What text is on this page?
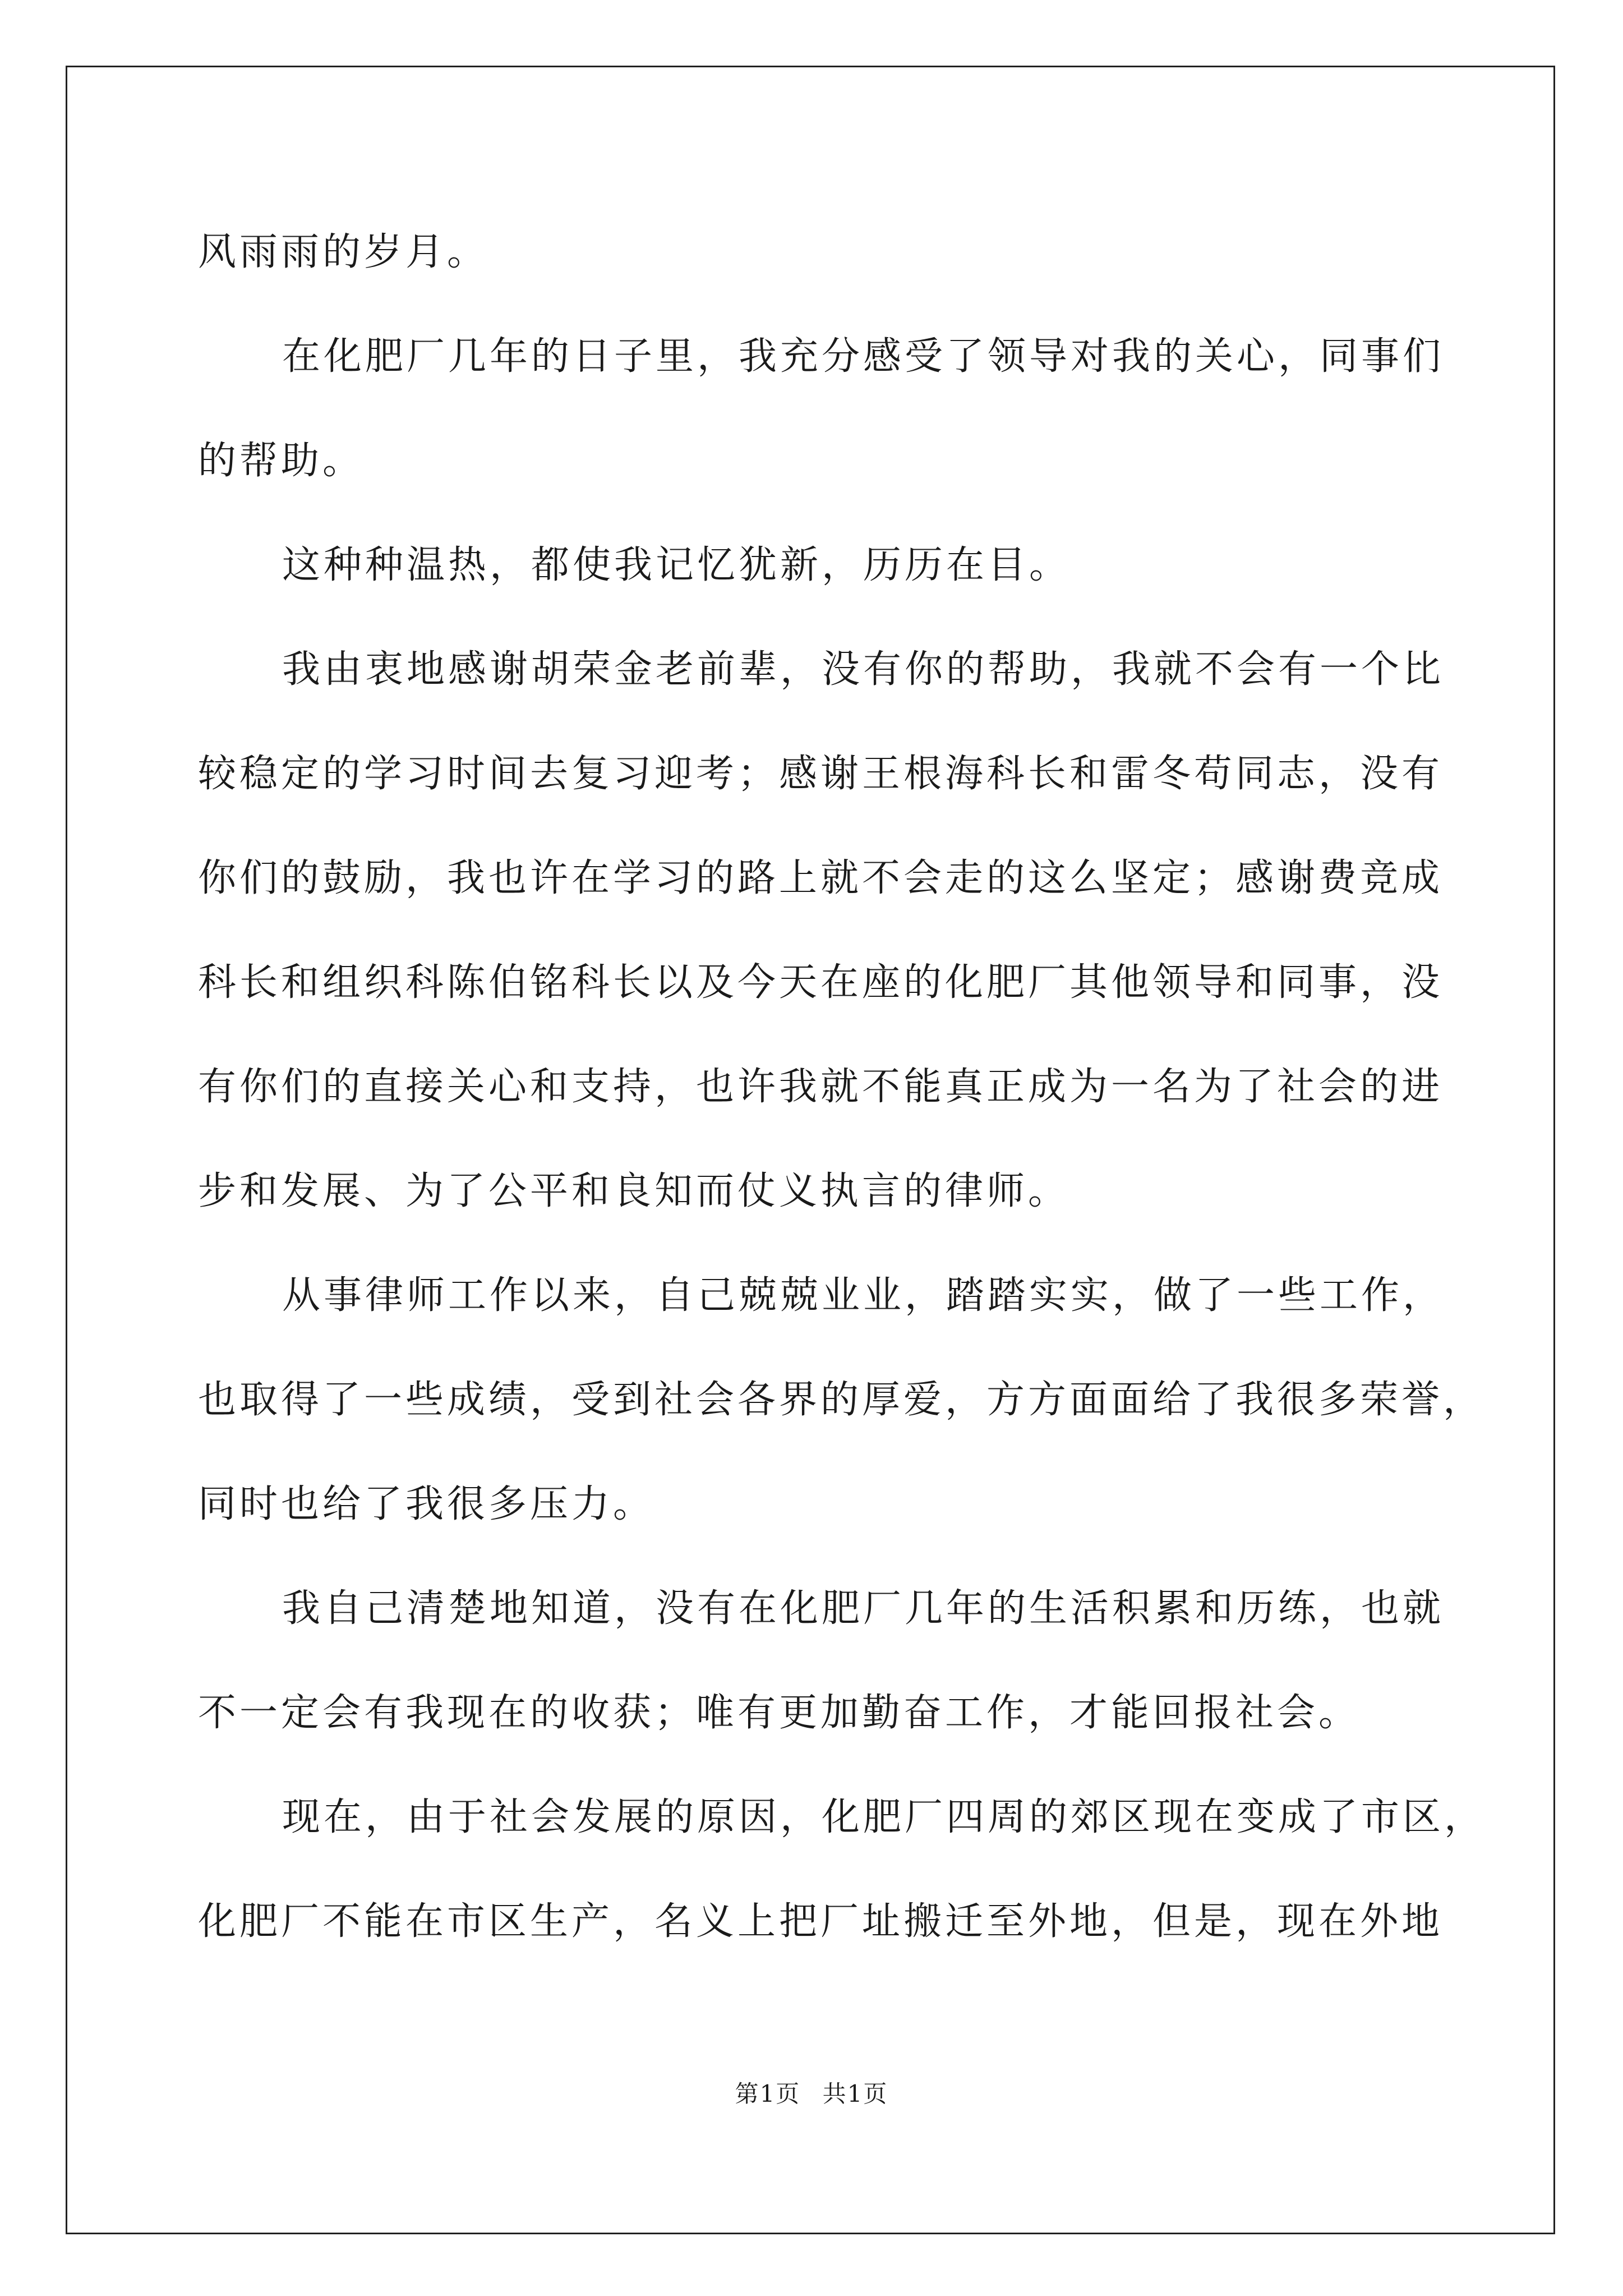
风雨雨的岁月。
在化肥厂几年的日子里，我充分感受了领导对我的关心，同事们
的帮助。
这种种温热，都使我记忆犹新，历历在目。
我由衷地感谢胡荣金老前辈，没有你的帮助，我就不会有一个比
较稳定的学习时间去复习迎考；感谢王根海科长和雷冬苟同志，没有
你们的鼓励，我也许在学习的路上就不会走的这么坚定；感谢费竞成
科长和组织科陈伯铭科长以及今天在座的化肥厂其他领导和同事，没
有你们的直接关心和支持，也许我就不能真正成为一名为了社会的进
步和发展、为了公平和良知而仗义执言的律师。
从事律师工作以来，自己兢兢业业，踏踏实实，做了一些工作，
也取得了一些成绩，受到社会各界的厚爱，方方面面给了我很多荣誉，
同时也给了我很多压力。
我自己清楚地知道，没有在化肥厂几年的生活积累和历练，也就
不一定会有我现在的收获；唯有更加勤奋工作，才能回报社会。
现在，由于社会发展的原因，化肥厂四周的郊区现在变成了市区，
化肥厂不能在市区生产，名义上把厂址搬迁至外地，但是，现在外地
第1页 共1页
